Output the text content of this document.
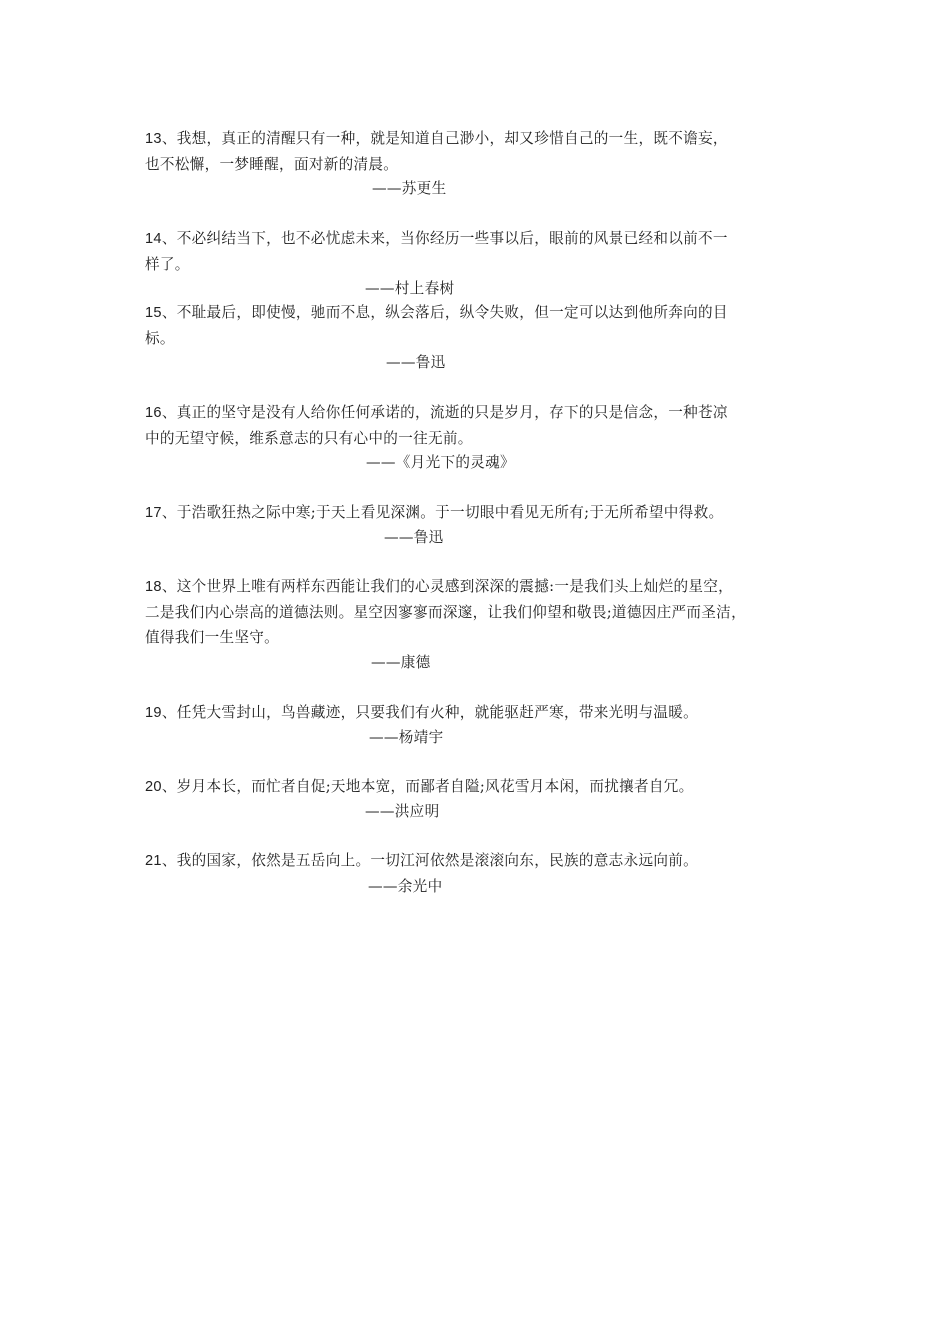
13、我想，真正的清醒只有一种，就是知道自己渺小，却又珍惜自己的一生，既不谵妄，
也不松懈，一梦睡醒，面对新的清晨。
——苏更生
14、不必纠结当下，也不必忧虑未来，当你经历一些事以后，眼前的风景已经和以前不一
样了。
——村上春树
15、不耻最后，即使慢，驰而不息，纵会落后，纵令失败，但一定可以达到他所奔向的目
标。
——鲁迅
16、真正的坚守是没有人给你任何承诺的，流逝的只是岁月，存下的只是信念，一种苍凉
中的无望守候，维系意志的只有心中的一往无前。
——《月光下的灵魂》
17、于浩歌狂热之际中寒;于天上看见深渊。于一切眼中看见无所有;于无所希望中得救。
——鲁迅
18、这个世界上唯有两样东西能让我们的心灵感到深深的震撼:一是我们头上灿烂的星空，
二是我们内心崇高的道德法则。星空因寥寥而深邃，让我们仰望和敬畏;道德因庄严而圣洁，
值得我们一生坚守。
——康德
19、任凭大雪封山，鸟兽藏迹，只要我们有火种，就能驱赶严寒，带来光明与温暖。
——杨靖宇
20、岁月本长，而忙者自促;天地本宽，而鄙者自隘;风花雪月本闲，而扰攘者自冗。
——洪应明
21、我的国家，依然是五岳向上。一切江河依然是滚滚向东，民族的意志永远向前。
——余光中
